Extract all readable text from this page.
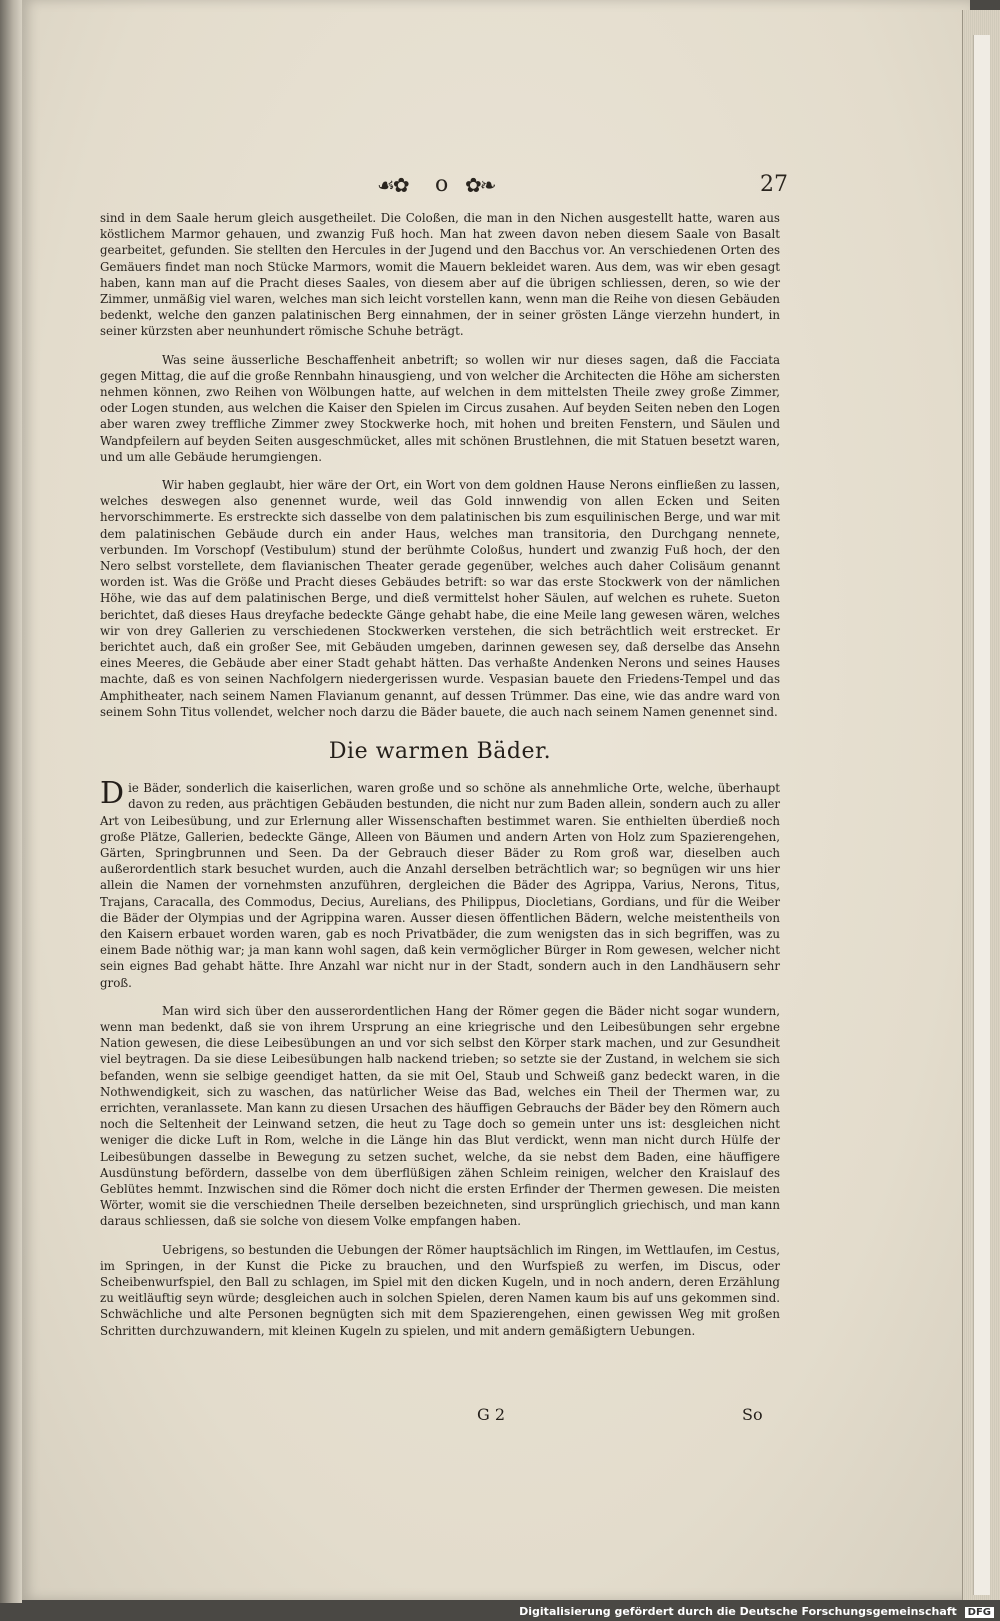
☙✿ o ✿❧	27

sind in dem Saale herum gleich ausgetheilet. Die Coloßen, die man in den Nichen ausgestellt hatte, waren aus köstlichem Marmor gehauen, und zwanzig Fuß hoch. Man hat zween davon neben diesem Saale von Basalt gearbeitet, gefunden. Sie stellten den Hercules in der Jugend und den Bacchus vor. An verschiedenen Orten des Gemäuers findet man noch Stücke Marmors, womit die Mauern bekleidet waren. Aus dem, was wir eben gesagt haben, kann man auf die Pracht dieses Saales, von diesem aber auf die übrigen schliessen, deren, so wie der Zimmer, unmäßig viel waren, welches man sich leicht vorstellen kann, wenn man die Reihe von diesen Gebäuden bedenkt, welche den ganzen palatinischen Berg einnahmen, der in seiner grösten Länge vierzehn hundert, in seiner kürzsten aber neunhundert römische Schuhe beträgt.

Was seine äusserliche Beschaffenheit anbetrift; so wollen wir nur dieses sagen, daß die Facciata gegen Mittag, die auf die große Rennbahn hinausgieng, und von welcher die Architecten die Höhe am sichersten nehmen können, zwo Reihen von Wölbungen hatte, auf welchen in dem mittelsten Theile zwey große Zimmer, oder Logen stunden, aus welchen die Kaiser den Spielen im Circus zusahen. Auf beyden Seiten neben den Logen aber waren zwey treffliche Zimmer zwey Stockwerke hoch, mit hohen und breiten Fenstern, und Säulen und Wandpfeilern auf beyden Seiten ausgeschmücket, alles mit schönen Brustlehnen, die mit Statuen besetzt waren, und um alle Gebäude herumgiengen.

Wir haben geglaubt, hier wäre der Ort, ein Wort von dem goldnen Hause Nerons einfließen zu lassen, welches deswegen also genennet wurde, weil das Gold innwendig von allen Ecken und Seiten hervorschimmerte. Es erstreckte sich dasselbe von dem palatinischen bis zum esquilinischen Berge, und war mit dem palatinischen Gebäude durch ein ander Haus, welches man transitoria, den Durchgang nennete, verbunden. Im Vorschopf (Vestibulum) stund der berühmte Coloßus, hundert und zwanzig Fuß hoch, der den Nero selbst vorstellete, dem flavianischen Theater gerade gegenüber, welches auch daher Colisäum genannt worden ist. Was die Größe und Pracht dieses Gebäudes betrift: so war das erste Stockwerk von der nämlichen Höhe, wie das auf dem palatinischen Berge, und dieß vermittelst hoher Säulen, auf welchen es ruhete. Sueton berichtet, daß dieses Haus dreyfache bedeckte Gänge gehabt habe, die eine Meile lang gewesen wären, welches wir von drey Gallerien zu verschiedenen Stockwerken verstehen, die sich beträchtlich weit erstrecket. Er berichtet auch, daß ein großer See, mit Gebäuden umgeben, darinnen gewesen sey, daß derselbe das Ansehn eines Meeres, die Gebäude aber einer Stadt gehabt hätten. Das verhaßte Andenken Nerons und seines Hauses machte, daß es von seinen Nachfolgern niedergerissen wurde. Vespasian bauete den Friedens-Tempel und das Amphitheater, nach seinem Namen Flavianum genannt, auf dessen Trümmer. Das eine, wie das andre ward von seinem Sohn Titus vollendet, welcher noch darzu die Bäder bauete, die auch nach seinem Namen genennet sind.

Die warmen Bäder.

Die Bäder, sonderlich die kaiserlichen, waren große und so schöne als annehmliche Orte, welche, überhaupt davon zu reden, aus prächtigen Gebäuden bestunden, die nicht nur zum Baden allein, sondern auch zu aller Art von Leibesübung, und zur Erlernung aller Wissenschaften bestimmet waren. Sie enthielten überdieß noch große Plätze, Gallerien, bedeckte Gänge, Alleen von Bäumen und andern Arten von Holz zum Spazierengehen, Gärten, Springbrunnen und Seen. Da der Gebrauch dieser Bäder zu Rom groß war, dieselben auch außerordentlich stark besuchet wurden, auch die Anzahl derselben beträchtlich war; so begnügen wir uns hier allein die Namen der vornehmsten anzuführen, dergleichen die Bäder des Agrippa, Varius, Nerons, Titus, Trajans, Caracalla, des Commodus, Decius, Aurelians, des Philippus, Diocletians, Gordians, und für die Weiber die Bäder der Olympias und der Agrippina waren. Ausser diesen öffentlichen Bädern, welche meistentheils von den Kaisern erbauet worden waren, gab es noch Privatbäder, die zum wenigsten das in sich begriffen, was zu einem Bade nöthig war; ja man kann wohl sagen, daß kein vermöglicher Bürger in Rom gewesen, welcher nicht sein eignes Bad gehabt hätte. Ihre Anzahl war nicht nur in der Stadt, sondern auch in den Landhäusern sehr groß.

Man wird sich über den ausserordentlichen Hang der Römer gegen die Bäder nicht sogar wundern, wenn man bedenkt, daß sie von ihrem Ursprung an eine kriegrische und den Leibesübungen sehr ergebne Nation gewesen, die diese Leibesübungen an und vor sich selbst den Körper stark machen, und zur Gesundheit viel beytragen. Da sie diese Leibesübungen halb nackend trieben; so setzte sie der Zustand, in welchem sie sich befanden, wenn sie selbige geendiget hatten, da sie mit Oel, Staub und Schweiß ganz bedeckt waren, in die Nothwendigkeit, sich zu waschen, das natürlicher Weise das Bad, welches ein Theil der Thermen war, zu errichten, veranlassete. Man kann zu diesen Ursachen des häuffigen Gebrauchs der Bäder bey den Römern auch noch die Seltenheit der Leinwand setzen, die heut zu Tage doch so gemein unter uns ist: desgleichen nicht weniger die dicke Luft in Rom, welche in die Länge hin das Blut verdickt, wenn man nicht durch Hülfe der Leibesübungen dasselbe in Bewegung zu setzen suchet, welche, da sie nebst dem Baden, eine häuffigere Ausdünstung befördern, dasselbe von dem überflüßigen zähen Schleim reinigen, welcher den Kraislauf des Geblütes hemmt. Inzwischen sind die Römer doch nicht die ersten Erfinder der Thermen gewesen. Die meisten Wörter, womit sie die verschiednen Theile derselben bezeichneten, sind ursprünglich griechisch, und man kann daraus schliessen, daß sie solche von diesem Volke empfangen haben.

Uebrigens, so bestunden die Uebungen der Römer hauptsächlich im Ringen, im Wettlaufen, im Cestus, im Springen, in der Kunst die Picke zu brauchen, und den Wurfspieß zu werfen, im Discus, oder Scheibenwurfspiel, den Ball zu schlagen, im Spiel mit den dicken Kugeln, und in noch andern, deren Erzählung zu weitläuftig seyn würde; desgleichen auch in solchen Spielen, deren Namen kaum bis auf uns gekommen sind. Schwächliche und alte Personen begnügten sich mit dem Spazierengehen, einen gewissen Weg mit großen Schritten durchzuwandern, mit kleinen Kugeln zu spielen, und mit andern gemäßigtern Uebungen.

G 2	So
Digitalisierung gefördert durch die Deutsche Forschungsgemeinschaft DFG
